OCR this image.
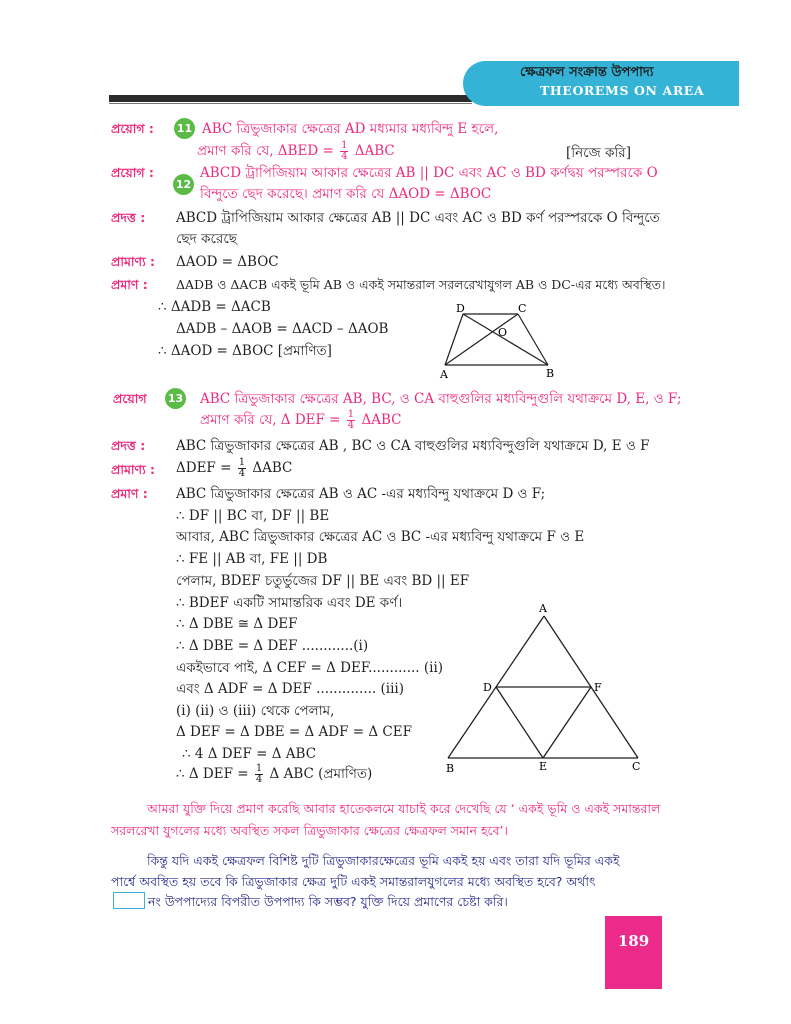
ক্ষেত্রফল সংক্রান্ত উপপাদ্য
THEOREMS ON AREA
প্রয়োগ : 11 ABC ত্রিভুজাকার ক্ষেত্রের AD মধ্যমার মধ্যবিন্দু E হলে,
প্রমাণ করি যে, $\Delta BED = \frac{1}{4}$ ΔABC	[নিজে করি]
প্রয়োগ :
12
ABCD ট্রাপিজিয়াম আকার ক্ষেত্রের AB || DC এবং AC ও BD কর্ণদ্বয় পরস্পরকে O
বিন্দুতে ছেদ করেছে। প্রমাণ করি যে ΔAOD = ΔBOC
প্রদত্ত : ABCD ট্রাপিজিয়াম আকার ক্ষেত্রের AB || DC এবং AC ও BD কর্ণ পরস্পরকে O বিন্দুতে
ছেদ করেছে
প্রামাণ্য : ΔAOD = ΔBOC
প্রমাণ : ΔADB ও ΔACB একই ভূমি AB ও একই সমান্তরাল সরলরেখাযুগল AB ও DC-এর মধ্যে অবস্থিত।
∴ ΔADB = ΔACB
ΔADB – ΔAOB = ΔACD – ΔAOB
∴ ΔAOD = ΔBOC [প্রমাণিত]
D	C
O
A	B
প্রয়োগ 13 ABC ত্রিভুজাকার ক্ষেত্রের AB, BC, ও CA বাহুগুলির মধ্যবিন্দুগুলি যথাক্রমে D, E, ও F;
প্রমাণ করি যে, Δ DEF = $\frac{1}{4}$ ΔABC
প্রদত্ত : ABC ত্রিভুজাকার ক্ষেত্রের AB , BC ও CA বাহুগুলির মধ্যবিন্দুগুলি যথাক্রমে D, E ও F
প্রামাণ্য : $\Delta DEF = \frac{1}{4}$ ΔABC
প্রমাণ : ABC ত্রিভুজাকার ক্ষেত্রের AB ও AC -এর মধ্যবিন্দু যথাক্রমে D ও F;
∴ DF || BC বা, DF || BE
আবার, ABC ত্রিভুজাকার ক্ষেত্রের AC ও BC -এর মধ্যবিন্দু যথাক্রমে F ও E
∴ FE || AB বা, FE || DB
পেলাম, BDEF চতুর্ভুজের DF || BE এবং BD || EF
∴ BDEF একটি সামান্তরিক এবং DE কর্ণ।
∴ Δ DBE ≅ Δ DEF
∴ Δ DBE = Δ DEF ............(i)
একইভাবে পাই, Δ CEF = Δ DEF............ (ii)
এবং Δ ADF = Δ DEF .............. (iii)
(i) (ii) ও (iii) থেকে পেলাম,
Δ DEF = Δ DBE = Δ ADF = Δ CEF
∴ 4 Δ DEF = Δ ABC
∴ Δ DEF = $\frac{1}{4}$ Δ ABC (প্রমাণিত)
A
D	F
B	E	C
আমরা যুক্তি দিয়ে প্রমাণ করেছি আবার হাতেকলমে যাচাই করে দেখেছি যে ‘ একই ভূমি ও একই সমান্তরাল
সরলরেখা যুগলের মধ্যে অবস্থিত সকল ত্রিভুজাকার ক্ষেত্রের ক্ষেত্রফল সমান হবে’।
কিন্তু যদি একই ক্ষেত্রফল বিশিষ্ট দুটি ত্রিভুজাকারক্ষেত্রের ভূমি একই হয় এবং তারা যদি ভূমির একই
পার্শ্বে অবস্থিত হয় তবে কি ত্রিভুজাকার ক্ষেত্র দুটি একই সমান্তরালযুগলের মধ্যে অবস্থিত হবে? অর্থাৎ
নং উপপাদ্যের বিপরীত উপপাদ্য কি সম্ভব? যুক্তি দিয়ে প্রমাণের চেষ্টা করি।
189
